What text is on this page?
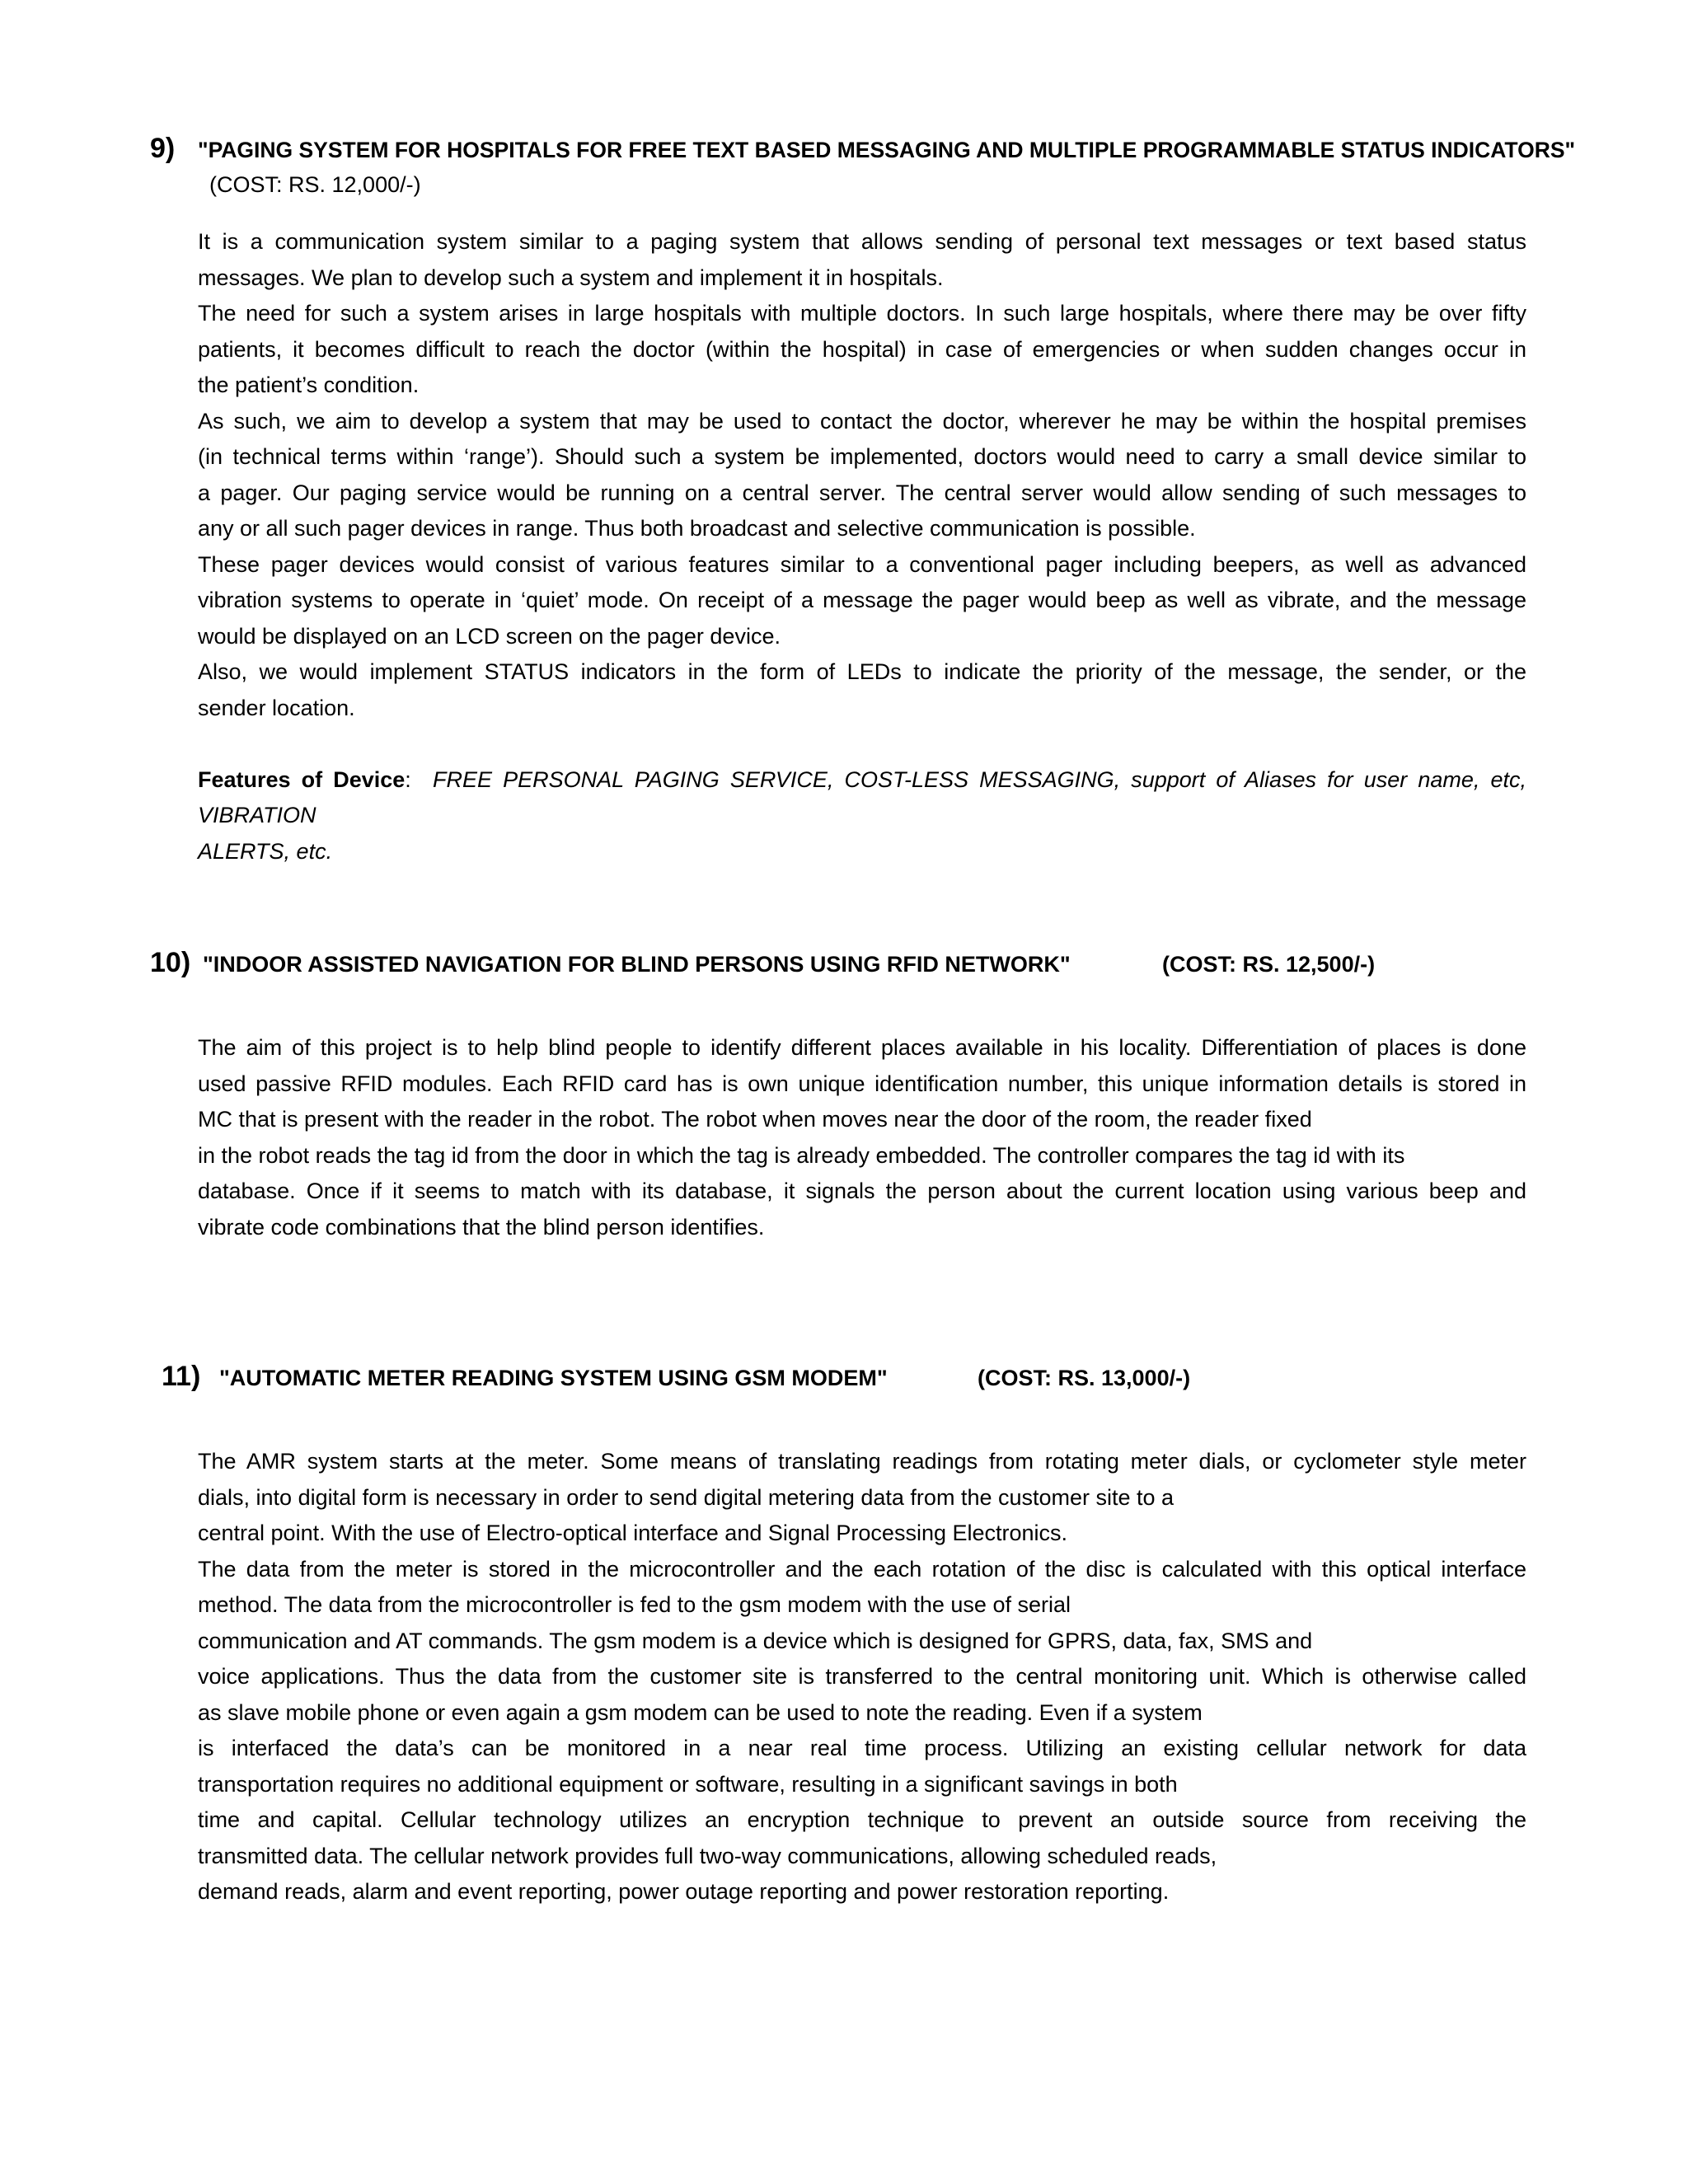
9) "PAGING SYSTEM FOR HOSPITALS FOR FREE TEXT BASED MESSAGING AND MULTIPLE PROGRAMMABLE STATUS INDICATORS"
(COST: RS. 12,000/-)

It is a communication system similar to a paging system that allows sending of personal text messages or text based status

messages. We plan to develop such a system and implement it in hospitals.

The need for such a system arises in large hospitals with multiple doctors. In such large hospitals, where there may be over fifty

patients, it becomes difficult to reach the doctor (within the hospital) in case of emergencies or when sudden changes occur in

the patient’s condition.

As such, we aim to develop a system that may be used to contact the doctor, wherever he may be within the hospital premises

(in technical terms within ‘range’). Should such a system be implemented, doctors would need to carry a small device similar to

a pager. Our paging service would be running on a central server. The central server would allow sending of such messages to

any or all such pager devices in range. Thus both broadcast and selective communication is possible.

These pager devices would consist of various features similar to a conventional pager including beepers, as well as advanced

vibration systems to operate in ‘quiet’ mode. On receipt of a message the pager would beep as well as vibrate, and the message

would be displayed on an LCD screen on the pager device.

Also, we would implement STATUS indicators in the form of LEDs to indicate the priority of the message, the sender, or the

sender location.

Features of Device: FREE PERSONAL PAGING SERVICE, COST-LESS MESSAGING, support of Aliases for user name, etc, VIBRATION

ALERTS, etc.

10) "INDOOR ASSISTED NAVIGATION FOR BLIND PERSONS USING RFID NETWORK"	(COST: RS. 12,500/-)

The aim of this project is to help blind people to identify different places available in his locality. Differentiation of places is done

used passive RFID modules. Each RFID card has is own unique identification number, this unique information details is stored in

MC that is present with the reader in the robot. The robot when moves near the door of the room, the reader fixed

in the robot reads the tag id from the door in which the tag is already embedded. The controller compares the tag id with its

database. Once if it seems to match with its database, it signals the person about the current location using various beep and

vibrate code combinations that the blind person identifies.

11) "AUTOMATIC METER READING SYSTEM USING GSM MODEM"	(COST: RS. 13,000/-)

The AMR system starts at the meter. Some means of translating readings from rotating meter dials, or cyclometer style meter

dials, into digital form is necessary in order to send digital metering data from the customer site to a

central point. With the use of Electro-optical interface and Signal Processing Electronics.

The data from the meter is stored in the microcontroller and the each rotation of the disc is calculated with this optical interface

method. The data from the microcontroller is fed to the gsm modem with the use of serial

communication and AT commands. The gsm modem is a device which is designed for GPRS, data, fax, SMS and

voice applications. Thus the data from the customer site is transferred to the central monitoring unit. Which is otherwise called

as slave mobile phone or even again a gsm modem can be used to note the reading. Even if a system

is interfaced the data’s can be monitored in a near real time process. Utilizing an existing cellular network for data

transportation requires no additional equipment or software, resulting in a significant savings in both

time and capital. Cellular technology utilizes an encryption technique to prevent an outside source from receiving the

transmitted data. The cellular network provides full two-way communications, allowing scheduled reads,

demand reads, alarm and event reporting, power outage reporting and power restoration reporting.
